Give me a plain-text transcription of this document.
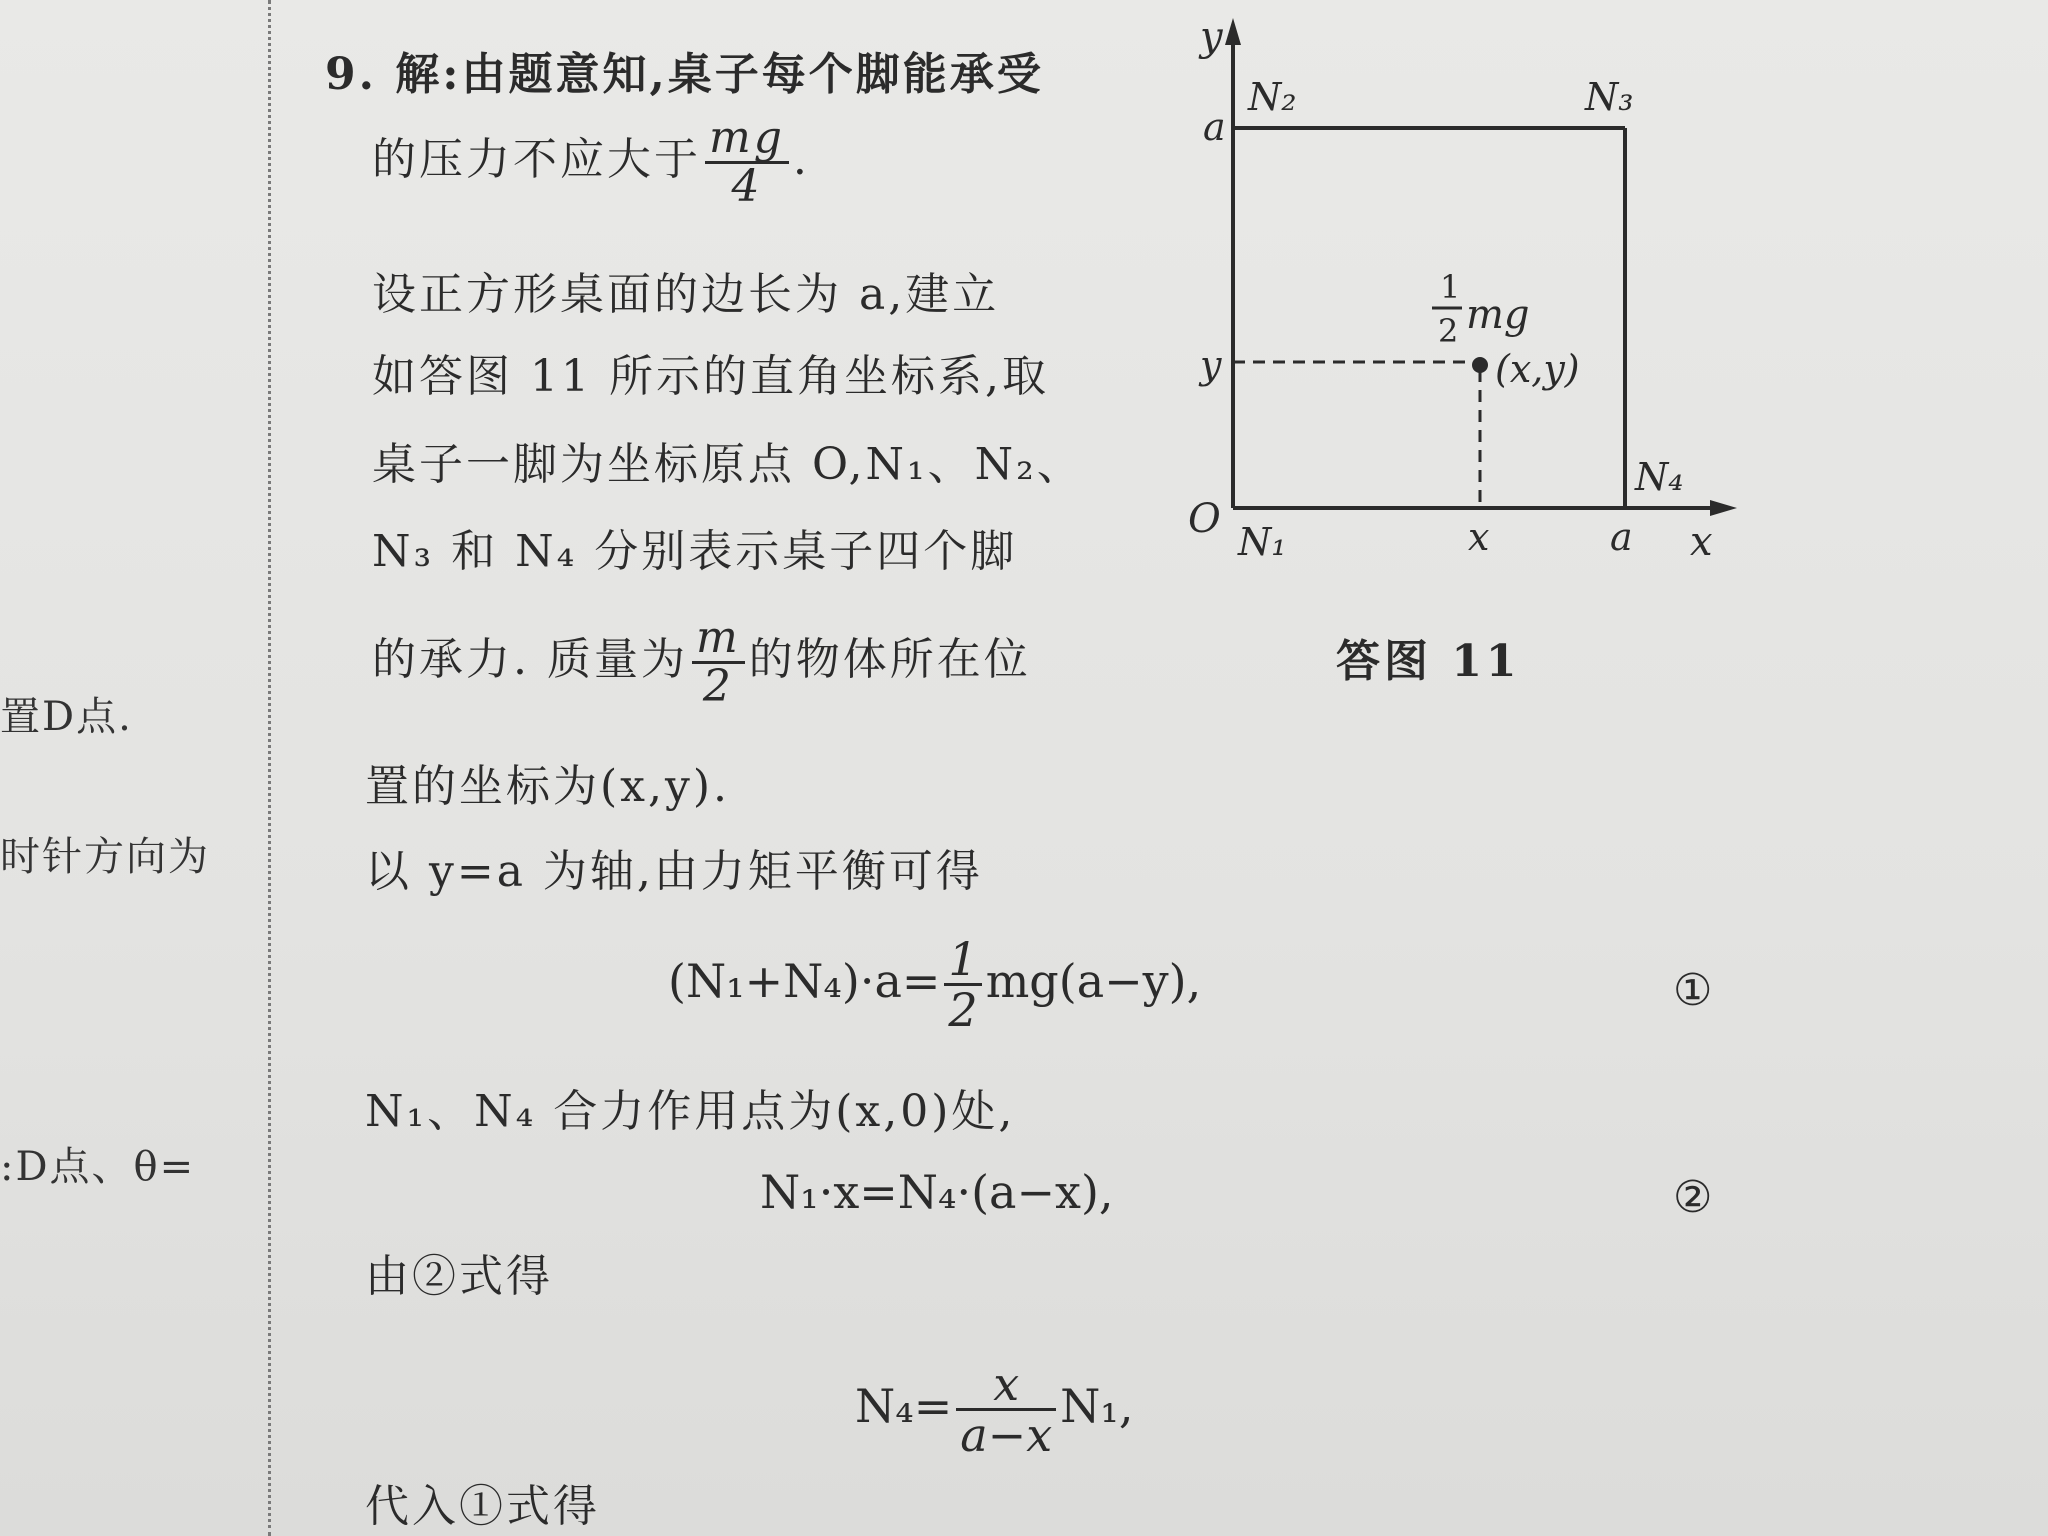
置D点.
时针方向为
:D点、θ=
9. 解:由题意知,桌子每个脚能承受
的压力不应大于 $\frac{mg}{4}$ .
设正方形桌面的边长为 a,建立
如答图 11 所示的直角坐标系,取
桌子一脚为坐标原点 O,N₁、N₂、
N₃ 和 N₄ 分别表示桌子四个脚
的承力. 质量为 $\frac{m}{2}$ 的物体所在位
置的坐标为(x,y).
以 y=a 为轴,由力矩平衡可得
$(N_1+N_4)\cdot a= \frac{1}{2} mg(a-y)$,	①
N₁、N₄ 合力作用点为(x,0)处,
N₁·x=N₄·(a−x),	②
由②式得
$N_4= \frac{x}{a-x} N_1$,
代入①式得
y
x
O
a
a
y
x
N₁
N₂	N₃
N₄
(x,y)
1
2 mg
答图 11
